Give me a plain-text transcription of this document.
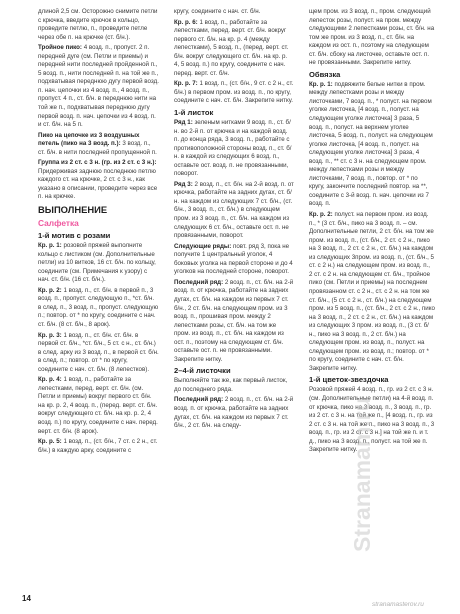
длиной 2,5 см. Осторожно снимите петли с крючка, введите крючок в кольцо, проведите петлю, п., проведите петле через обе п. на крючке (ст. б/н.).
Тройное пико: 4 возд. п., пропуст. 2 п. передней дуге (см. Петли и приемы) и передней нити последней пройденной п., 5 возд. п., нити последней п. на той же п., подхватывая переднюю дугу первой возд. п. нач. цепочки из 4 возд. п., 4 возд. п., пропуст. 4 п., ст. б/н. в переднюю нити на той же п., подхватывая переднюю дугу первой возд. п. нач. цепочки из 4 возд. п. и ст. б/н. на 5 п.
Пико на цепочке из 3 воздушных петель (пико на 3 возд. п.): 3 возд. п., ст. б/н. в нити последней пропущенной п.
Группа из 2 ст. с 3 н. (гр. из 2 ст. с 3 н.): Придерживая заднюю последнюю петлю каждого ст. на крючке, 2 ст. с 3 н., как указано в описании, проведите через все п. на крючке.
ВЫПОЛНЕНИЕ
Салфетка
1-й мотив с розами
Кр. р. 1: розовой пряжей выполните кольцо с листиком (см. Дополнительные петли) из 10 витков, 16 ст. б/н. по кольцу, соедините (см. Примечания к узору) с нач. ст. б/н. (16 ст. б/н.).
Кр. р. 2: 1 возд. п., ст. б/н. в первой п., 3 возд. п., пропуст. следующую п., *ст. б/н. в след. п., 3 возд. п., пропуст. следующую п.; повтор. от * по кругу, соедините с нач. ст. б/н. (8 ст. б/н., 8 арок).
Кр. р. 3: 1 возд. п., ст. б/н. ст. б/н. в первой ст. б/н., *ст. б/н., 5 ст. с н., ст. б/н.) в след. арку из 3 возд. п., в первой ст. б/н. в след. п.; повтор. от * по кругу, соедините с нач. ст. б/н. (8 лепестков).
Кр. р. 4: 1 возд. п., работайте за лепестками, перед. верт. ст. б/н. (см. Петли и приемы) вокруг первого ст. б/н. на кр. р. 2, 4 возд. п., (перед. верт. ст. б/н. вокруг следующего ст. б/н. на кр. р. 2, 4 возд. п.) по кругу, соедините с нач. перед. верт. ст. б/н. (8 арок).
Кр. р. 5: 1 возд. п., (ст. б/н., 7 ст. с 2 н., ст. б/н.) в каждую арку, соедините с
кругу, соедините с нач. ст. б/н.
Кр. р. 6: 1 возд. п., работайте за лепестками, перед. верт. ст. б/н. вокруг первого ст. б/н. на кр. р. 4 (между лепестками), 5 возд. п., (перед. верт. ст. б/н. вокруг следующего ст. б/н. на кр. р. 4, 5 возд. п.) по кругу, соедините с нач. перед. верт. ст. б/н.
Кр. р. 7: 1 возд. п., (ст. б/н., 9 ст. с 2 н., ст. б/н.) в первом пром. из возд. п., по кругу, соедините с нач. ст. б/н. Закрепите нитку.
1-й листок
Ряд 1: зеленым нитками 9 возд. п., ст. б/н. во 2-й п. от крючка и на каждой возд. п. до конца ряда, 3 возд. п., работайте с противоположной стороны возд. п., ст. б/н. в каждой из следующих 6 возд. п., оставьте ост. возд. п. не провязанными, поворот.
Ряд 3: 2 возд. п., ст. б/н. на 2-й возд. п. от крючка, работайте на задних дугах, ст. б/н. на каждом из следующих 7 ст. б/н., (ст. б/н., 3 возд. п., ст. б/н.) в следующем пром. из 3 возд. п., ст. б/н. на каждом из следующих 6 ст. б/н., оставьте ост. п. не провязанными, поворот.
Следующие ряды: повт. ряд 3, пока не получите 1 центральный уголок, 4 боковых уголка на первой стороне и до 4 уголков на последней стороне, поворот.
Последний ряд: 2 возд. п., ст. б/н. на 2-й возд. п. от крючка, работайте на задних дугах, ст. б/н. на каждом из первых 7 ст. б/н., 2 ст. б/н. на следующем пром. из 3 возд. п., прошивая пром. между 2 лепестками розы, ст. б/н. на том же пром. из возд. п., ст. б/н. на каждом из ост. п., поэтому на следующем ст. б/н. оставьте ост. п. не провязанными. Закрепите нитку.
2–4-й листочки
Выполняйте так же, как первый листок, до последнего ряда.
Последний ряд: 2 возд. п., ст. б/н. на 2-й возд. п. от крючка, работайте на задних дугах, ст. б/н. на каждом из первых 7 ст. б/н., 2 ст. б/н. на следу-
щем пром. из 3 возд. п., пром. следующий лепесток розы, полуст. на пром. между следующими 2 лепестками розы, ст. б/н. на том же пром. из 3 возд. п., ст. б/н. на каждом из ост. п., поэтому на следующем ст. б/н. сбоку на листочке, оставьте ост. п. не провязанными. Закрепите нитку.
Обвязка
Кр. р. 1: подвяжите белые нитки в пром. между лепестками розы и между листочками, 7 возд. п., * полуст. на первом уголке листочка, [4 возд. п., полуст. на следующем уголке листочка] 3 раза, 5 возд. п., полуст. на верхнем уголке листочка, 5 возд. п., полуст. на следующем уголке листочка, [4 возд. п., полуст. на следующем уголке листочка] 3 раза, 4 возд. п., ** ст. с 3 н. на следующем пром. между лепестками розы и между листочками, 7 возд. п., повтор. от * по кругу, закончите последний повтор. на **, соедините с 3-й возд. п. нач. цепочки из 7 возд. п.
Кр. р. 2: полуст. на первом пром. из возд. п., * (3 ст. б/н., пико на 3 возд. п. – см. Дополнительные петли, 2 ст. б/н. на том же пром. из возд. п., (ст. б/н., 2 ст. с 2 н., пико на 3 возд. п., 2 ст. с 2 н., ст. б/н.) на каждом из следующих 3пром. из возд. п., (ст. б/н., 5 ст. с 2 н.) на следующем пром. из возд. п., 2 ст. с 2 н. на следующем ст. б/н., тройное пико (см. Петли и приемы) на последнем провязанном ст. с 2 н., ст. с 2 н. на том же ст. б/н., (5 ст. с 2 н., ст. б/н.) на следующем пром. из 5 возд. п., (ст. б/н., 2 ст. с 2 н., пико на 3 возд. п., 2 ст. с 2 н., ст. б/н.) на каждом из следующих 3 пром. из возд. п., (3 ст. б/н., пико на 3 возд. п., 2 ст. б/н.) на следующем пром. из возд. п., полуст. на следующем пром. из возд. п.; повтор. от * по кругу, соедините с нач. ст. б/н. Закрепите нитку.
1-й цветок-звездочка
Розовой пряжей 4 возд. п., гр. из 2 ст. с 3 н. (см. Дополнительные петли) на 4-й возд. п. от крючка, пико на 3 возд. п., 3 возд. п., гр. из 2 ст. с 3 н. на той же п., [4 возд. п., гр. из 2 ст. с 3 н. на той же п., пико на 3 возд. п., 3 возд. п., гр. из 2 ст. с 3 н.] на той же п. и т. д., пико на 3 возд. п., полуст. на той же п. Закрепите нитку.
Stranamam.ru
stranamasterov.ru
14
